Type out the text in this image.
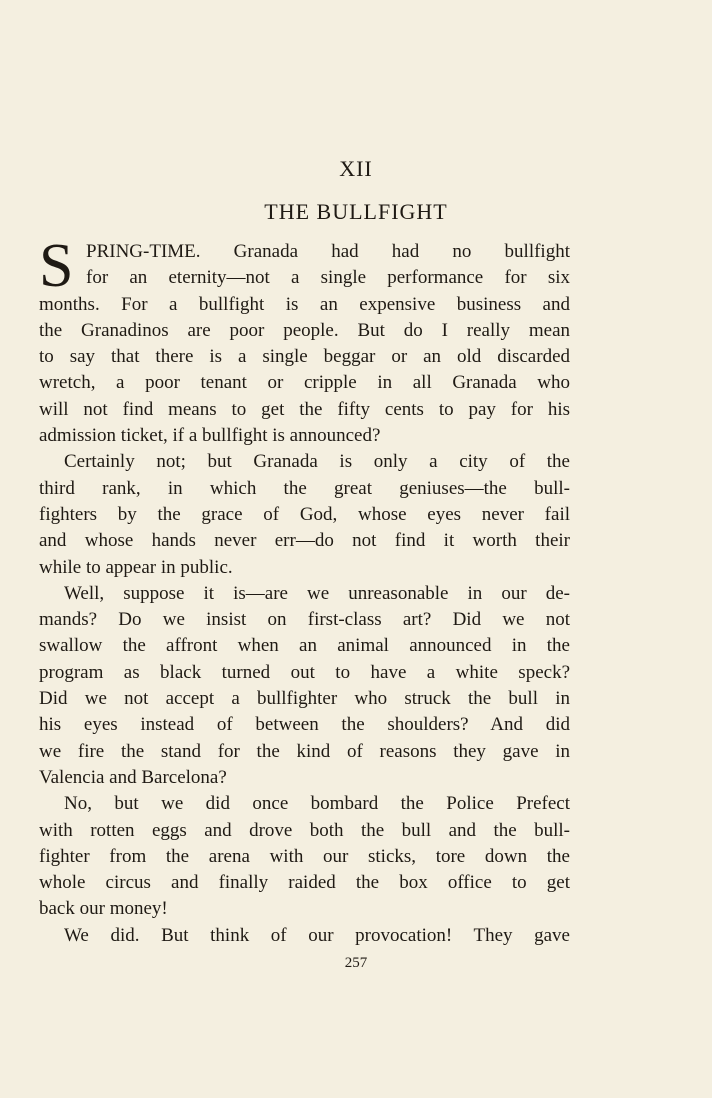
XII
THE BULLFIGHT
S PRING-TIME. Granada had had no bullfight
for an eternity—not a single performance for six
months. For a bullfight is an expensive business and
the Granadinos are poor people. But do I really mean
to say that there is a single beggar or an old discarded
wretch, a poor tenant or cripple in all Granada who
will not find means to get the fifty cents to pay for his
admission ticket, if a bullfight is announced?
Certainly not; but Granada is only a city of the
third rank, in which the great geniuses—the bull-
fighters by the grace of God, whose eyes never fail
and whose hands never err—do not find it worth their
while to appear in public.
Well, suppose it is—are we unreasonable in our de-
mands? Do we insist on first-class art? Did we not
swallow the affront when an animal announced in the
program as black turned out to have a white speck?
Did we not accept a bullfighter who struck the bull in
his eyes instead of between the shoulders? And did
we fire the stand for the kind of reasons they gave in
Valencia and Barcelona?
No, but we did once bombard the Police Prefect
with rotten eggs and drove both the bull and the bull-
fighter from the arena with our sticks, tore down the
whole circus and finally raided the box office to get
back our money!
We did. But think of our provocation! They gave
257
